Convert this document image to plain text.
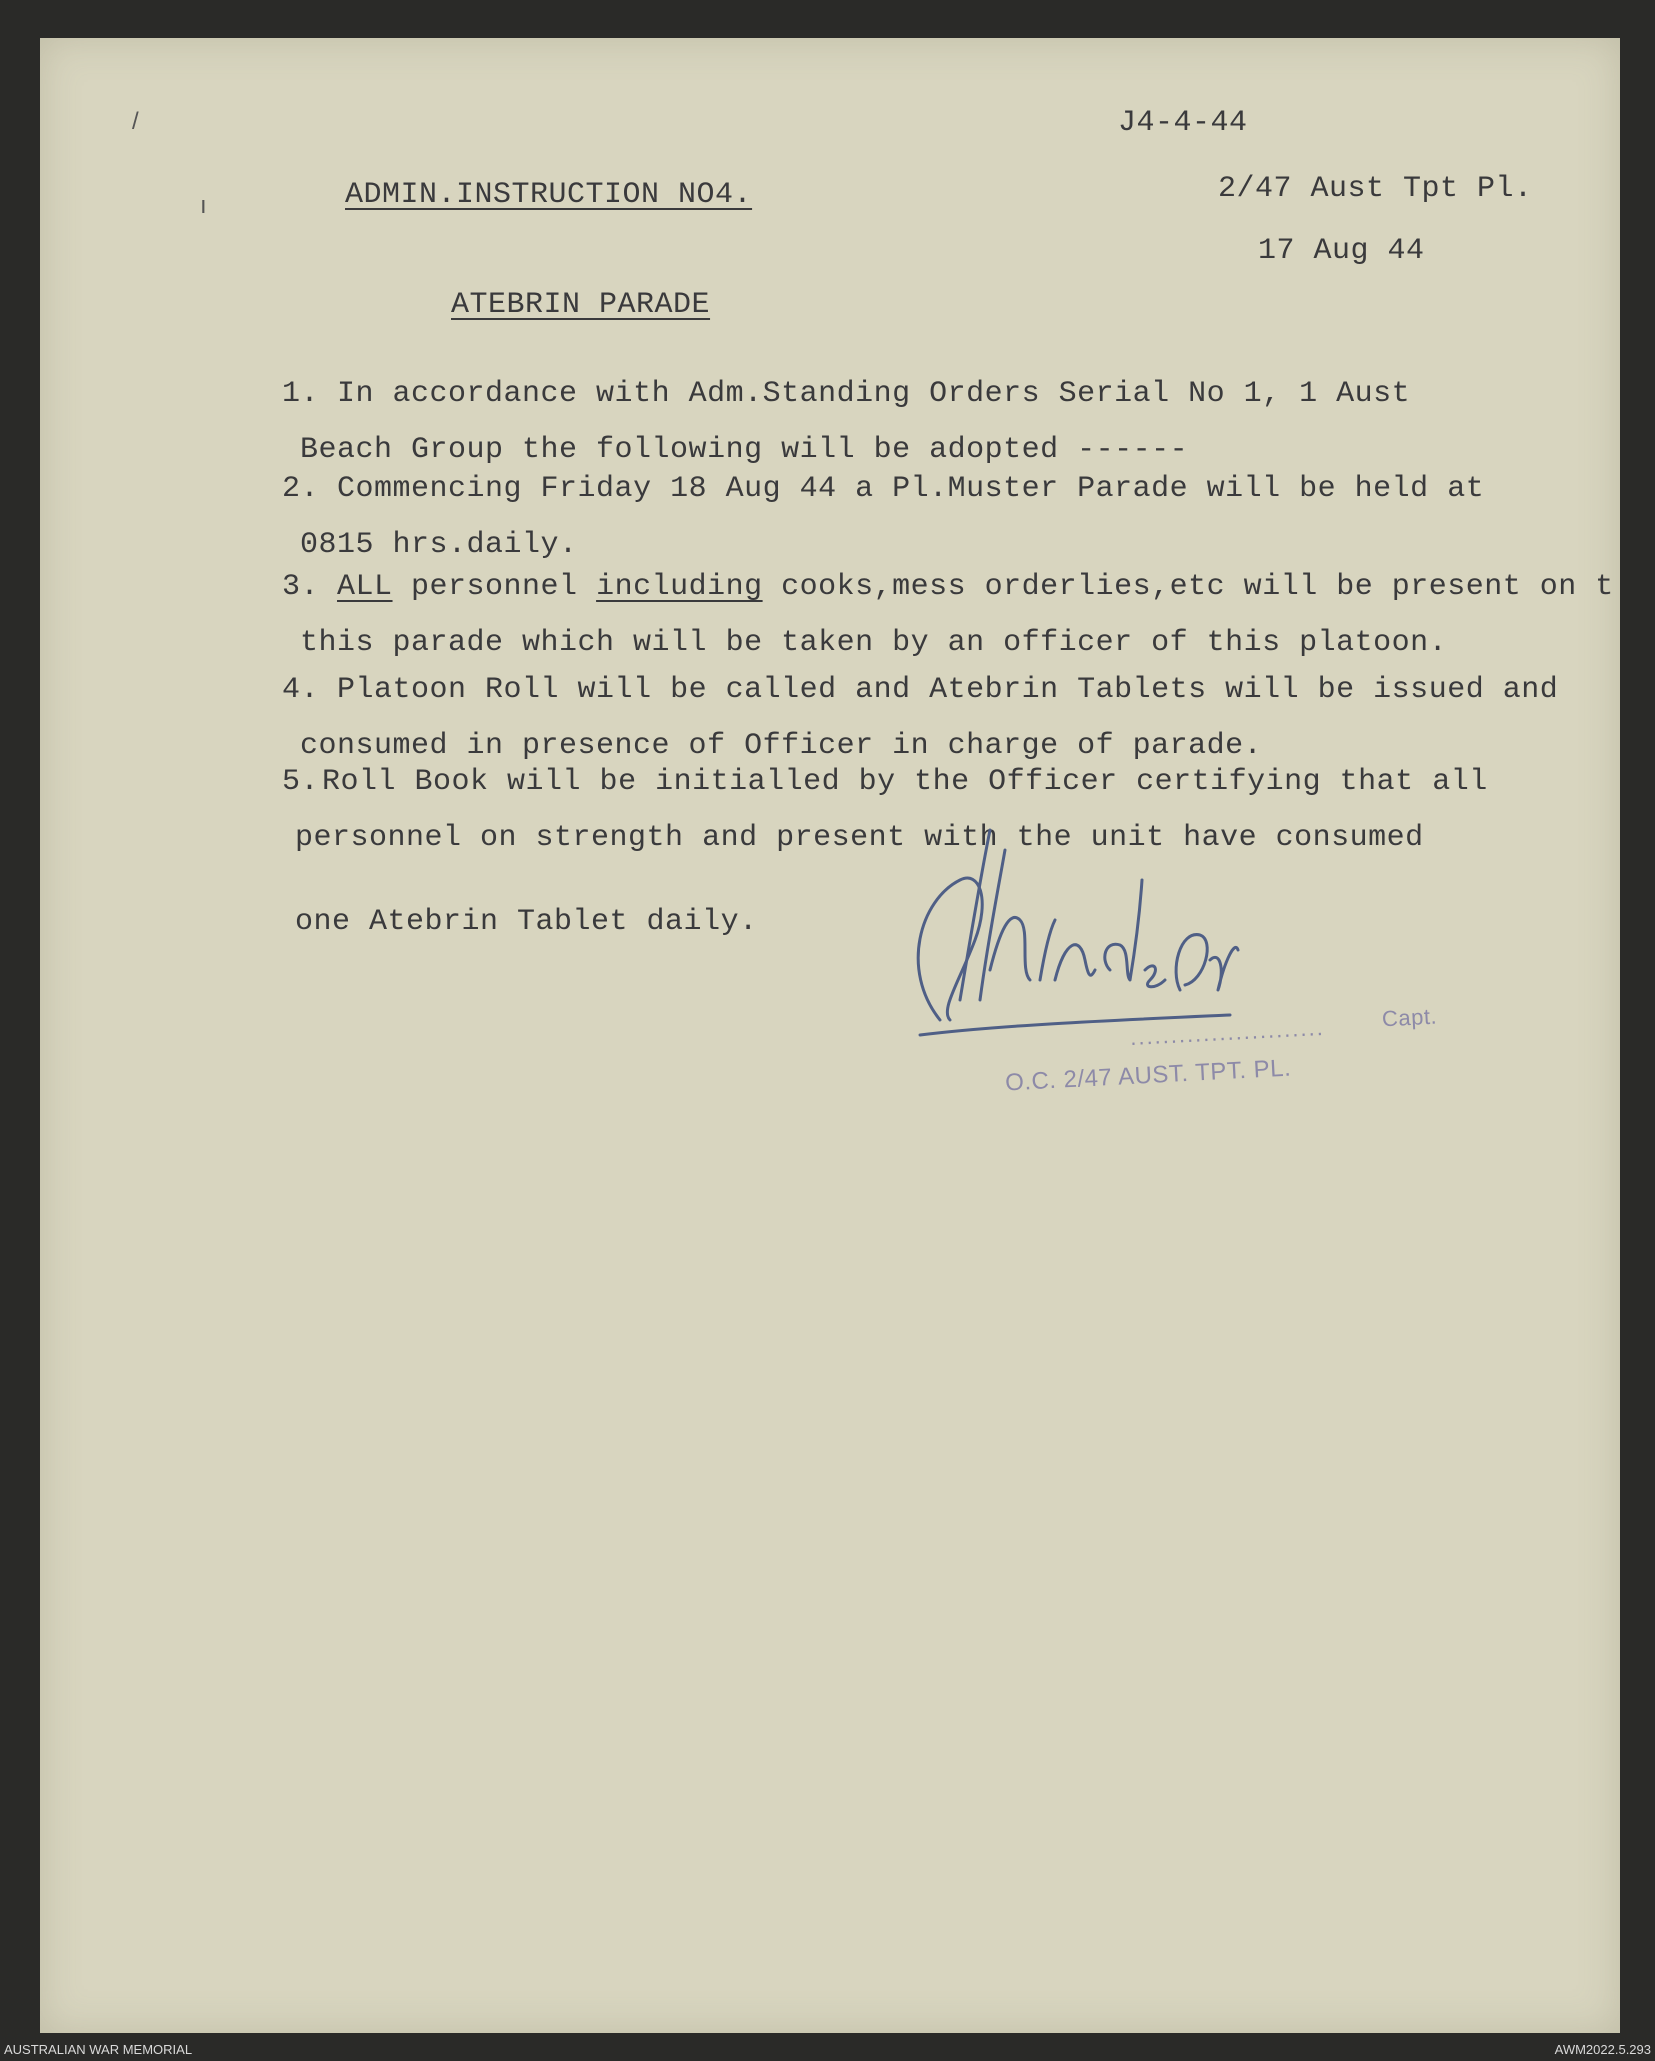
/
ı
J4-4-44
ADMIN.INSTRUCTION NO4.	2/47 Aust Tpt Pl.
17 Aug 44
ATEBRIN PARADE

1. In accordance with Adm.Standing Orders Serial No 1, 1 Aust

Beach Group the following will be adopted ------

2. Commencing Friday 18 Aug 44 a Pl.Muster Parade will be held at

0815 hrs.daily.

3. ALL personnel including cooks,mess orderlies,etc will be present on t

this parade which will be taken by an officer of this platoon.

4. Platoon Roll will be called and Atebrin Tablets will be issued and

consumed in presence of Officer in charge of parade.

5.Roll Book will be initialled by the Officer certifying that all

personnel on strength and present with the unit have consumed

one Atebrin Tablet daily.

........................	Capt.
O.C. 2/47 AUST. TPT. PL.
AUSTRALIAN WAR MEMORIAL	AWM2022.5.293
